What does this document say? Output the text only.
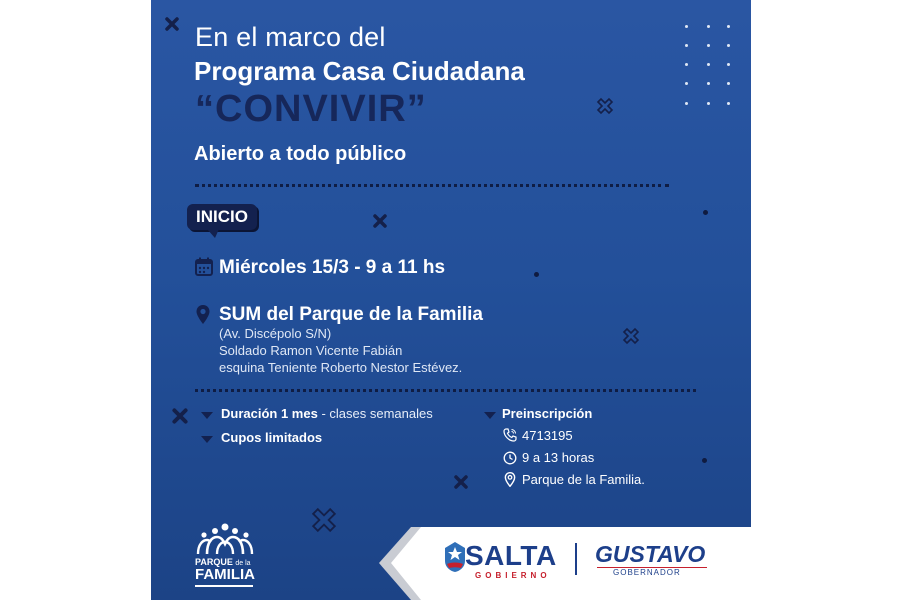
En el marco del
Programa Casa Ciudadana
“CONVIVIR”
Abierto a todo público
INICIO
Miércoles 15/3 - 9 a 11 hs
SUM del Parque de la Familia
(Av. Discépolo S/N)
Soldado Ramon Vicente Fabián
esquina Teniente Roberto Nestor Estévez.
Duración 1 mes - clases semanales
Cupos limitados
Preinscripción
4713195
9 a 13 horas
Parque de la Familia.
PARQUE de la
FAMILIA
SALTA
GOBIERNO
GUSTAVO
GOBERNADOR
